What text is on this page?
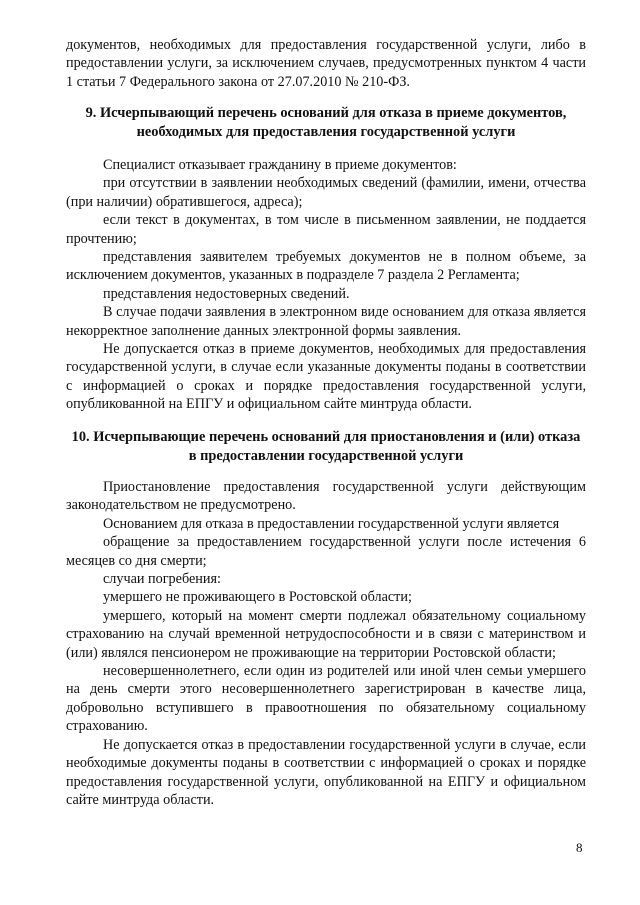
документов, необходимых для предоставления государственной услуги, либо в предоставлении услуги, за исключением случаев, предусмотренных пунктом 4 части 1 статьи 7 Федерального закона от 27.07.2010 № 210-ФЗ.

9. Исчерпывающий перечень оснований для отказа в приеме документов, необходимых для предоставления государственной услуги

Специалист отказывает гражданину в приеме документов:

при отсутствии в заявлении необходимых сведений (фамилии, имени, отчества (при наличии) обратившегося, адреса);

если текст в документах, в том числе в письменном заявлении, не поддается прочтению;

представления заявителем требуемых документов не в полном объеме, за исключением документов, указанных в подразделе 7 раздела 2 Регламента;

представления недостоверных сведений.

В случае подачи заявления в электронном виде основанием для отказа является некорректное заполнение данных электронной формы заявления.

Не допускается отказ в приеме документов, необходимых для предоставления государственной услуги, в случае если указанные документы поданы в соответствии с информацией о сроках и порядке предоставления государственной услуги, опубликованной на ЕПГУ и официальном сайте минтруда области.

10. Исчерпывающие перечень оснований для приостановления и (или) отказа в предоставлении государственной услуги

Приостановление предоставления государственной услуги действующим законодательством не предусмотрено.

Основанием для отказа в предоставлении государственной услуги является

обращение за предоставлением государственной услуги после истечения 6 месяцев со дня смерти;

случаи погребения:

умершего не проживающего в Ростовской области;

умершего, который на момент смерти подлежал обязательному социальному страхованию на случай временной нетрудоспособности и в связи с материнством и (или) являлся пенсионером не проживающие на территории Ростовской области;

несовершеннолетнего, если один из родителей или иной член семьи умершего на день смерти этого несовершеннолетнего зарегистрирован в качестве лица, добровольно вступившего в правоотношения по обязательному социальному страхованию.

Не допускается отказ в предоставлении государственной услуги в случае, если необходимые документы поданы в соответствии с информацией о сроках и порядке предоставления государственной услуги, опубликованной на ЕПГУ и официальном сайте минтруда области.

8
